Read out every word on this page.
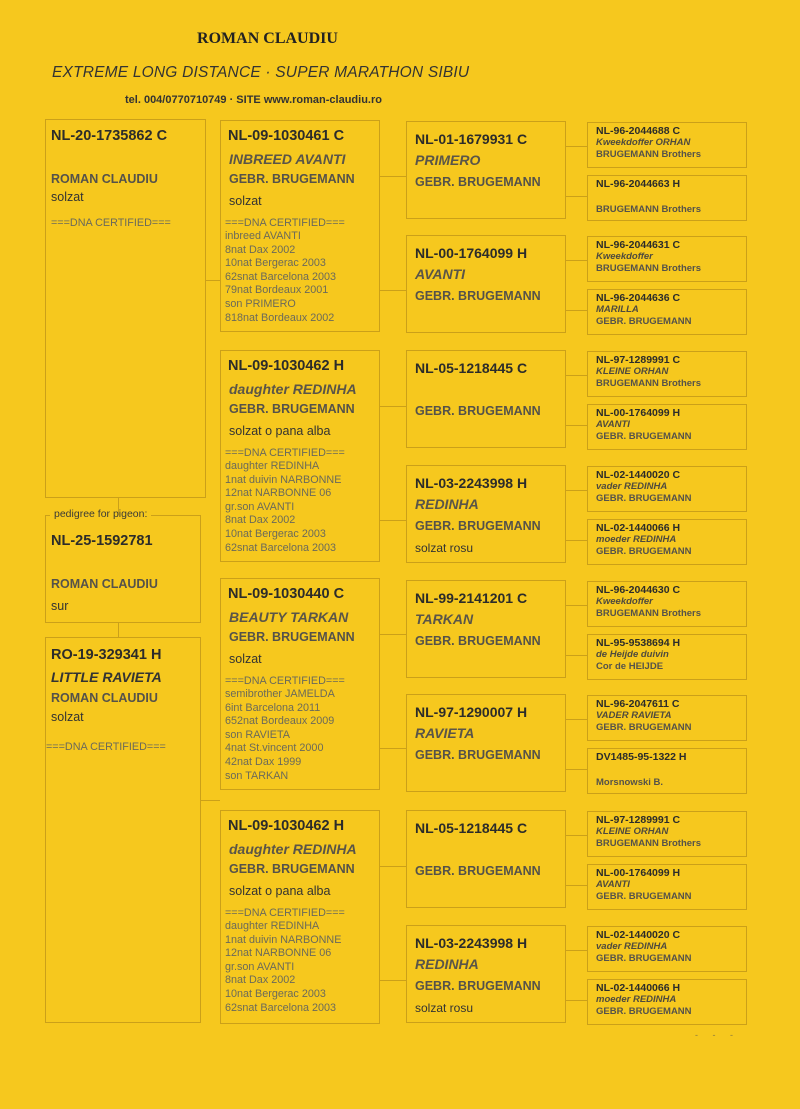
ROMAN CLAUDIU
EXTREME LONG DISTANCE · SUPER MARATHON SIBIU
tel. 004/0770710749 · SITE www.roman-claudiu.ro
NL-20-1735862 C
ROMAN CLAUDIU
solzat
===DNA CERTIFIED===
pedigree for pigeon:
NL-25-1592781
ROMAN CLAUDIU
sur
RO-19-329341 H
LITTLE RAVIETA
ROMAN CLAUDIU
solzat
===DNA CERTIFIED===
NL-09-1030461 C
INBREED AVANTI
GEBR. BRUGEMANN
solzat
===DNA CERTIFIED===
inbreed AVANTI
8nat Dax 2002
10nat Bergerac 2003
62snat Barcelona 2003
79nat Bordeaux 2001
son PRIMERO
818nat Bordeaux 2002
NL-09-1030462 H
daughter REDINHA
GEBR. BRUGEMANN
solzat o pana alba
===DNA CERTIFIED===
daughter REDINHA
1nat duivin NARBONNE
12nat NARBONNE 06
gr.son AVANTI
8nat Dax 2002
10nat Bergerac 2003
62snat Barcelona 2003
NL-09-1030440 C
BEAUTY TARKAN
GEBR. BRUGEMANN
solzat
===DNA CERTIFIED===
semibrother JAMELDA
6int Barcelona 2011
652nat Bordeaux 2009
son RAVIETA
4nat St.vincent 2000
42nat Dax 1999
son TARKAN
NL-09-1030462 H
daughter REDINHA
GEBR. BRUGEMANN
solzat o pana alba
===DNA CERTIFIED===
daughter REDINHA
1nat duivin NARBONNE
12nat NARBONNE 06
gr.son AVANTI
8nat Dax 2002
10nat Bergerac 2003
62snat Barcelona 2003
NL-01-1679931 C
PRIMERO
GEBR. BRUGEMANN
NL-00-1764099 H
AVANTI
GEBR. BRUGEMANN
NL-05-1218445 C
GEBR. BRUGEMANN
NL-03-2243998 H
REDINHA
GEBR. BRUGEMANN
solzat rosu
NL-99-2141201 C
TARKAN
GEBR. BRUGEMANN
NL-97-1290007 H
RAVIETA
GEBR. BRUGEMANN
NL-05-1218445 C
GEBR. BRUGEMANN
NL-03-2243998 H
REDINHA
GEBR. BRUGEMANN
solzat rosu
NL-96-2044688 C
Kweekdoffer ORHAN
BRUGEMANN Brothers
NL-96-2044663 H
BRUGEMANN Brothers
NL-96-2044631 C
Kweekdoffer
BRUGEMANN Brothers
NL-96-2044636 C
MARILLA
GEBR. BRUGEMANN
NL-97-1289991 C
KLEINE ORHAN
BRUGEMANN Brothers
NL-00-1764099 H
AVANTI
GEBR. BRUGEMANN
NL-02-1440020 C
vader REDINHA
GEBR. BRUGEMANN
NL-02-1440066 H
moeder REDINHA
GEBR. BRUGEMANN
NL-96-2044630 C
Kweekdoffer
BRUGEMANN Brothers
NL-95-9538694 H
de Heijde duivin
Cor de HEIJDE
NL-96-2047611 C
VADER RAVIETA
GEBR. BRUGEMANN
DV1485-95-1322 H
Morsnowski B.
NL-97-1289991 C
KLEINE ORHAN
BRUGEMANN Brothers
NL-00-1764099 H
AVANTI
GEBR. BRUGEMANN
NL-02-1440020 C
vader REDINHA
GEBR. BRUGEMANN
NL-02-1440066 H
moeder REDINHA
GEBR. BRUGEMANN
- - -
